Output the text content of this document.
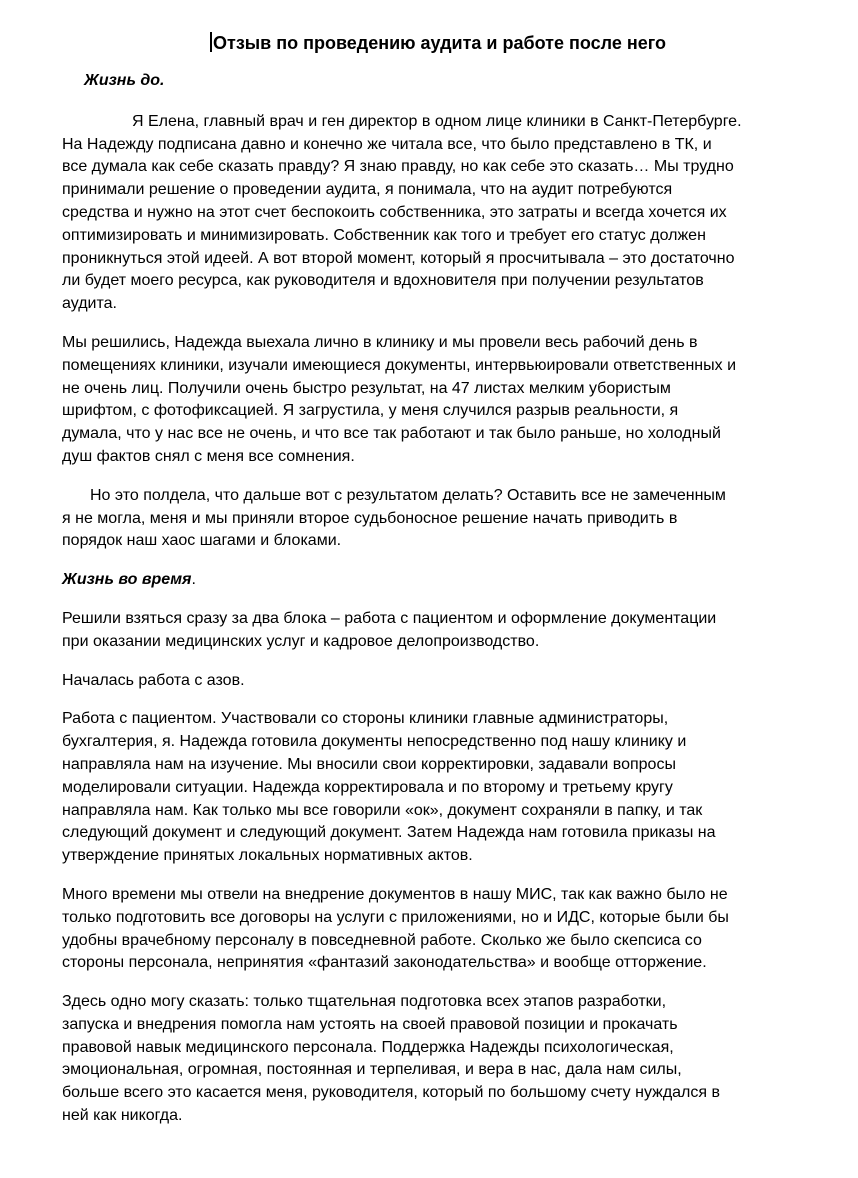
Отзыв по проведению аудита и работе после него
Жизнь до.
Я Елена, главный врач и ген директор в одном лице клиники в Санкт-Петербурге.
На Надежду подписана давно и конечно же читала все, что было представлено в ТК, и
все думала как себе сказать правду? Я знаю правду, но как себе это сказать… Мы трудно
принимали решение о проведении аудита, я понимала, что на аудит потребуются
средства и нужно на этот счет беспокоить собственника, это затраты и всегда хочется их
оптимизировать и минимизировать. Собственник как того и требует его статус должен
проникнуться этой идеей. А вот второй момент, который я просчитывала – это достаточно
ли будет моего ресурса, как руководителя и вдохновителя при получении результатов
аудита.
Мы решились, Надежда выехала лично в клинику и мы провели весь рабочий день в
помещениях клиники, изучали имеющиеся документы, интервьюировали ответственных и
не очень лиц. Получили очень быстро результат, на 47 листах мелким убористым
шрифтом, с фотофиксацией. Я загрустила, у меня случился разрыв реальности, я
думала, что у нас все не очень, и что все так работают и так было раньше, но холодный
душ фактов снял с меня все сомнения.
Но это полдела, что дальше вот с результатом делать? Оставить все не замеченным
я не могла, меня и мы приняли второе судьбоносное решение начать приводить в
порядок наш хаос шагами и блоками.
Жизнь во время.
Решили взяться сразу за два блока – работа с пациентом и оформление документации
при оказании медицинских услуг и кадровое делопроизводство.
Началась работа с азов.
Работа с пациентом. Участвовали со стороны клиники главные администраторы,
бухгалтерия, я. Надежда готовила документы непосредственно под нашу клинику и
направляла нам на изучение. Мы вносили свои корректировки, задавали вопросы
моделировали ситуации. Надежда корректировала и по второму и третьему кругу
направляла нам. Как только мы все говорили «ок», документ сохраняли в папку, и так
следующий документ и следующий документ. Затем Надежда нам готовила приказы на
утверждение принятых локальных нормативных актов.
Много времени мы отвели на внедрение документов в нашу МИС, так как важно было не
только подготовить все договоры на услуги с приложениями, но и ИДС, которые были бы
удобны врачебному персоналу в повседневной работе. Сколько же было скепсиса со
стороны персонала, непринятия «фантазий законодательства» и вообще отторжение.
Здесь одно могу сказать: только тщательная подготовка всех этапов разработки,
запуска и внедрения помогла нам устоять на своей правовой позиции и прокачать
правовой навык медицинского персонала. Поддержка Надежды психологическая,
эмоциональная, огромная, постоянная и терпеливая, и вера в нас, дала нам силы,
больше всего это касается меня, руководителя, который по большому счету нуждался в
ней как никогда.
